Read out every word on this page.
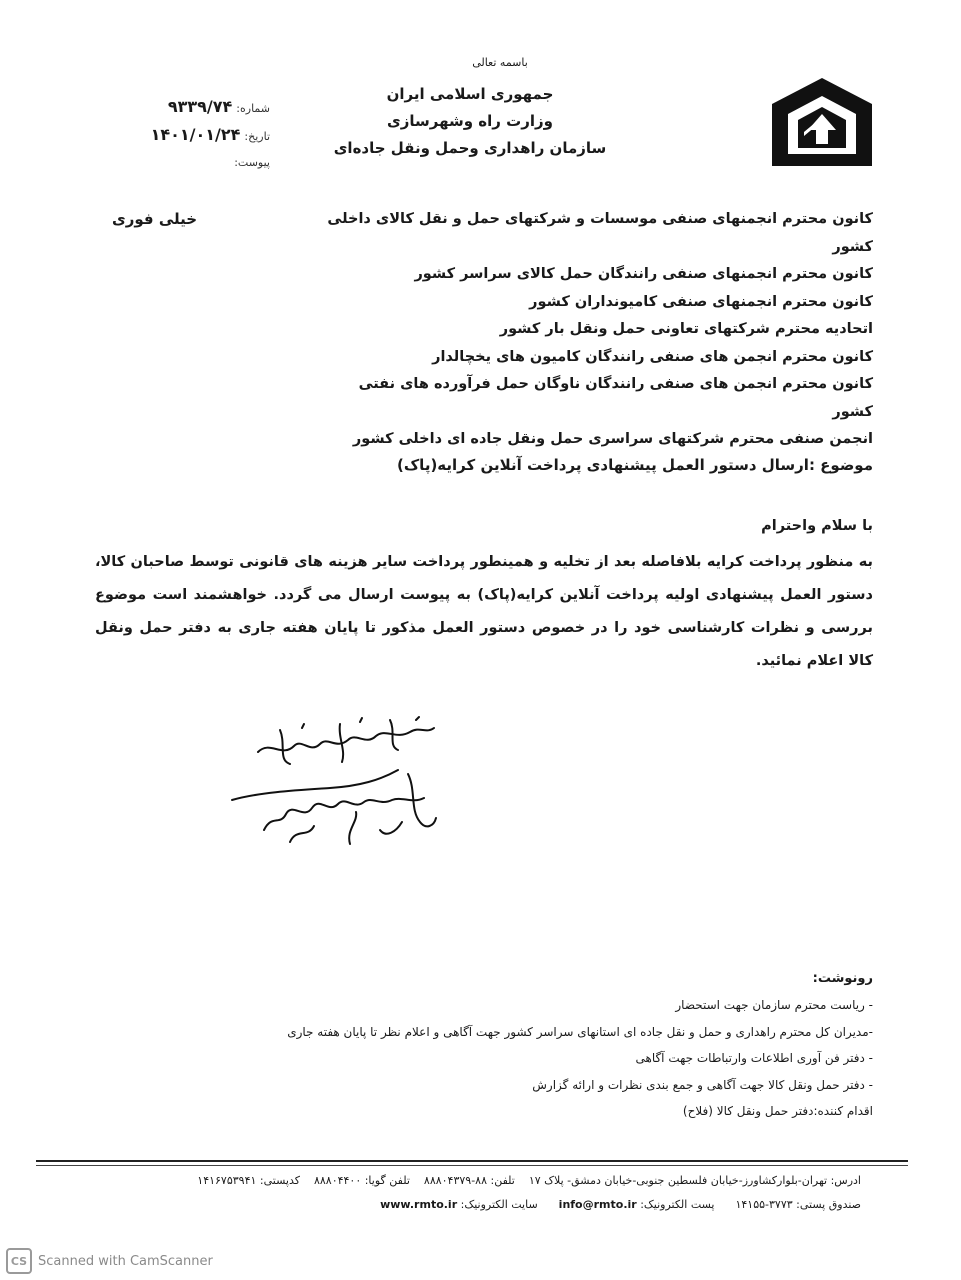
باسمه تعالی
جمهوری اسلامی ایران
وزارت راه وشهرسازی
سازمان راهداری وحمل ونقل جاده‌ای
شماره:
۹۳۳۹/۷۴
تاریخ:
۱۴۰۱/۰۱/۲۴
پیوست:
خیلی فوری	کانون محترم انجمنهای صنفی موسسات و شرکتهای حمل و نقل کالای داخلی کشور
کانون محترم انجمنهای صنفی رانندگان حمل کالای سراسر کشور
کانون محترم انجمنهای صنفی کامیونداران کشور
اتحادیه محترم شرکتهای تعاونی حمل ونقل بار کشور
کانون محترم انجمن های صنفی رانندگان کامیون های یخچالدار
کانون محترم انجمن های صنفی رانندگان ناوگان حمل فرآورده های نفتی کشور
انجمن صنفی محترم شرکتهای سراسری حمل ونقل جاده ای داخلی کشور
موضوع :ارسال دستور العمل پیشنهادی پرداخت آنلاین کرایه(پاک)
با سلام واحترام
به منظور پرداخت کرایه بلافاصله بعد از تخلیه و همینطور پرداخت سایر هزینه های قانونی توسط صاحبان کالا، دستور العمل پیشنهادی اولیه پرداخت آنلاین کرایه(پاک) به پیوست ارسال می گردد. خواهشمند است موضوع بررسی و نظرات کارشناسی خود را در خصوص دستور العمل مذکور تا پایان هفته جاری به دفتر حمل ونقل کالا اعلام نمائید.
رونوشت:
- ریاست محترم سازمان جهت استحضار
-مدیران کل محترم راهداری و حمل و نقل جاده ای استانهای سراسر کشور جهت آگاهی و اعلام نظر تا پایان هفته جاری
- دفتر فن آوری اطلاعات وارتباطات جهت آگاهی
- دفتر حمل ونقل کالا جهت آگاهی و جمع بندی نظرات و ارائه گزارش
اقدام کننده:دفتر حمل ونقل کالا (فلاح)
ادرس: تهران-بلوارکشاورز-خیابان فلسطین جنوبی-خیابان دمشق- پلاک ۱۷    تلفن: ۸۸-۸۸۸۰۴۳۷۹    تلفن گویا: ۸۸۸۰۴۴۰۰    کدپستی: ۱۴۱۶۷۵۳۹۴۱
صندوق پستی: ۳۷۷۳-۱۴۱۵۵      پست الکترونیک: info@rmto.ir      سایت الکترونیک: www.rmto.ir
CS Scanned with CamScanner
